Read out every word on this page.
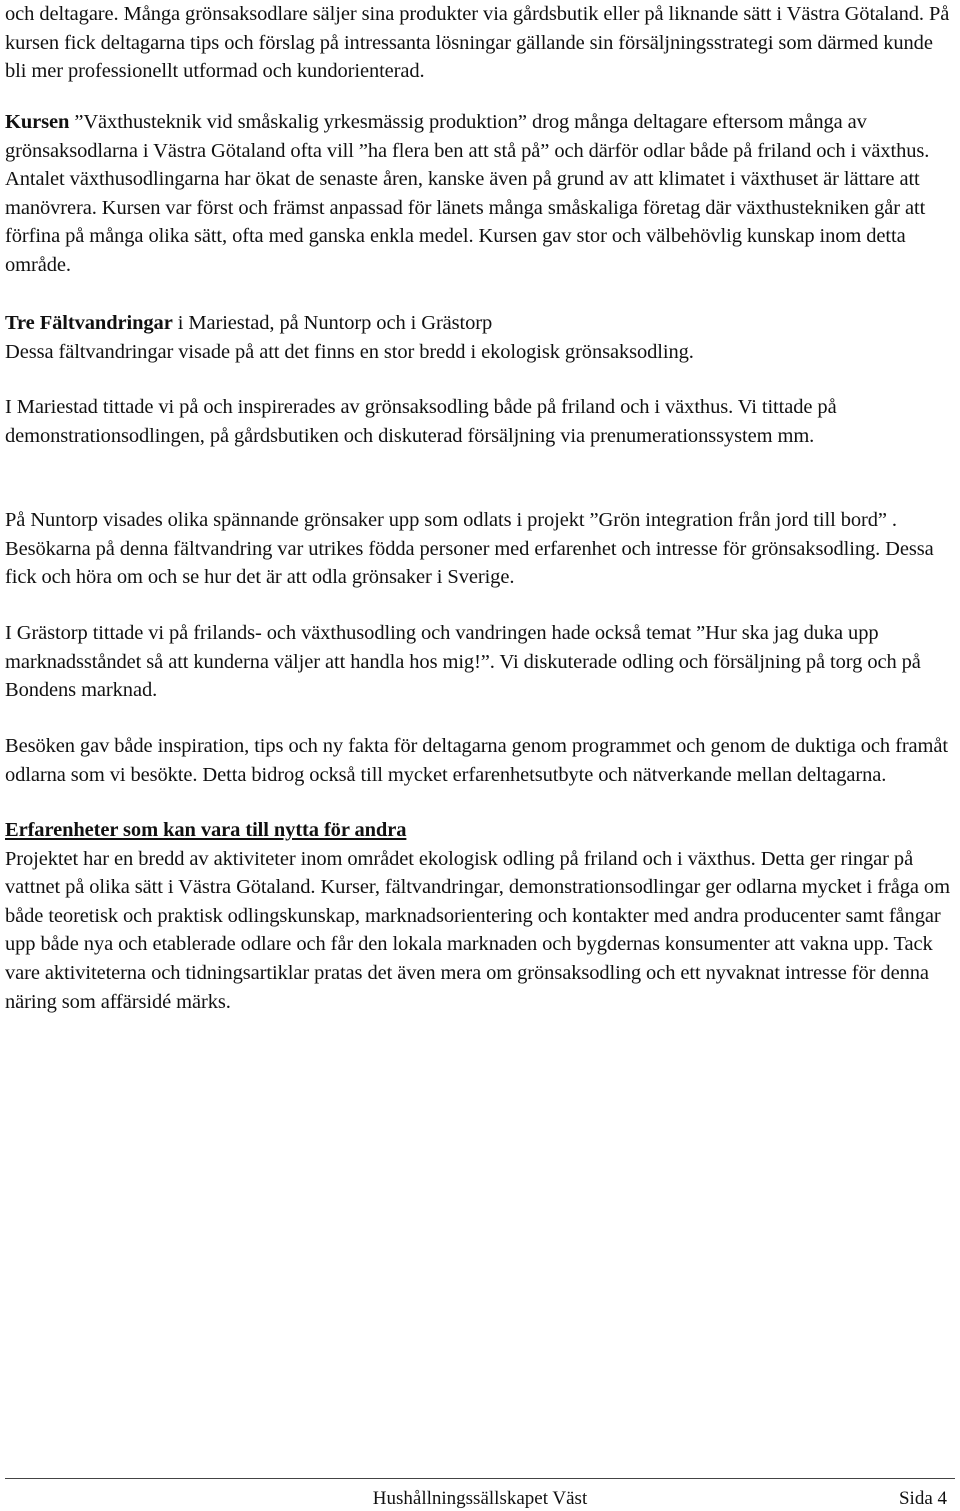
och deltagare. Många grönsaksodlare säljer sina produkter via gårdsbutik eller på liknande sätt i Västra Götaland. På kursen fick deltagarna tips och förslag på intressanta lösningar gällande sin försäljningsstrategi som därmed kunde bli mer professionellt utformad och kundorienterad.

Kursen ”Växthusteknik vid småskalig yrkesmässig produktion” drog många deltagare eftersom många av grönsaksodlarna i Västra Götaland ofta vill ”ha flera ben att stå på” och därför odlar både på friland och i växthus. Antalet växthusodlingarna har ökat de senaste åren, kanske även på grund av att klimatet i växthuset är lättare att manövrera. Kursen var först och främst anpassad för länets många småskaliga företag där växthustekniken går att förfina på många olika sätt, ofta med ganska enkla medel. Kursen gav stor och välbehövlig kunskap inom detta område.

Tre Fältvandringar i Mariestad, på Nuntorp och i Grästorp
Dessa fältvandringar visade på att det finns en stor bredd i ekologisk grönsaksodling.

I Mariestad tittade vi på och inspirerades av grönsaksodling både på friland och i växthus. Vi tittade på demonstrationsodlingen, på gårdsbutiken och diskuterad försäljning via prenumerationssystem mm.

På Nuntorp visades olika spännande grönsaker upp som odlats i projekt ”Grön integration från jord till bord” . Besökarna på denna fältvandring var utrikes födda personer med erfarenhet och intresse för grönsaksodling. Dessa fick och höra om och se hur det är att odla grönsaker i Sverige.

I Grästorp tittade vi på frilands- och växthusodling och vandringen hade också temat ”Hur ska jag duka upp marknadsståndet så att kunderna väljer att handla hos mig!”. Vi diskuterade odling och försäljning på torg och på Bondens marknad.

Besöken gav både inspiration, tips och ny fakta för deltagarna genom programmet och genom de duktiga och framåt odlarna som vi besökte. Detta bidrog också till mycket erfarenhetsutbyte och nätverkande mellan deltagarna.

Erfarenheter som kan vara till nytta för andra
Projektet har en bredd av aktiviteter inom området ekologisk odling på friland och i växthus. Detta ger ringar på vattnet på olika sätt i Västra Götaland. Kurser, fältvandringar, demonstrationsodlingar ger odlarna mycket i fråga om både teoretisk och praktisk odlingskunskap, marknadsorientering och kontakter med andra producenter samt fångar upp både nya och etablerade odlare och får den lokala marknaden och bygdernas konsumenter att vakna upp. Tack vare aktiviteterna och tidningsartiklar pratas det även mera om grönsaksodling och ett nyvaknat intresse för denna näring som affärsidé märks.

Hushållningssällskapet Väst	Sida 4
